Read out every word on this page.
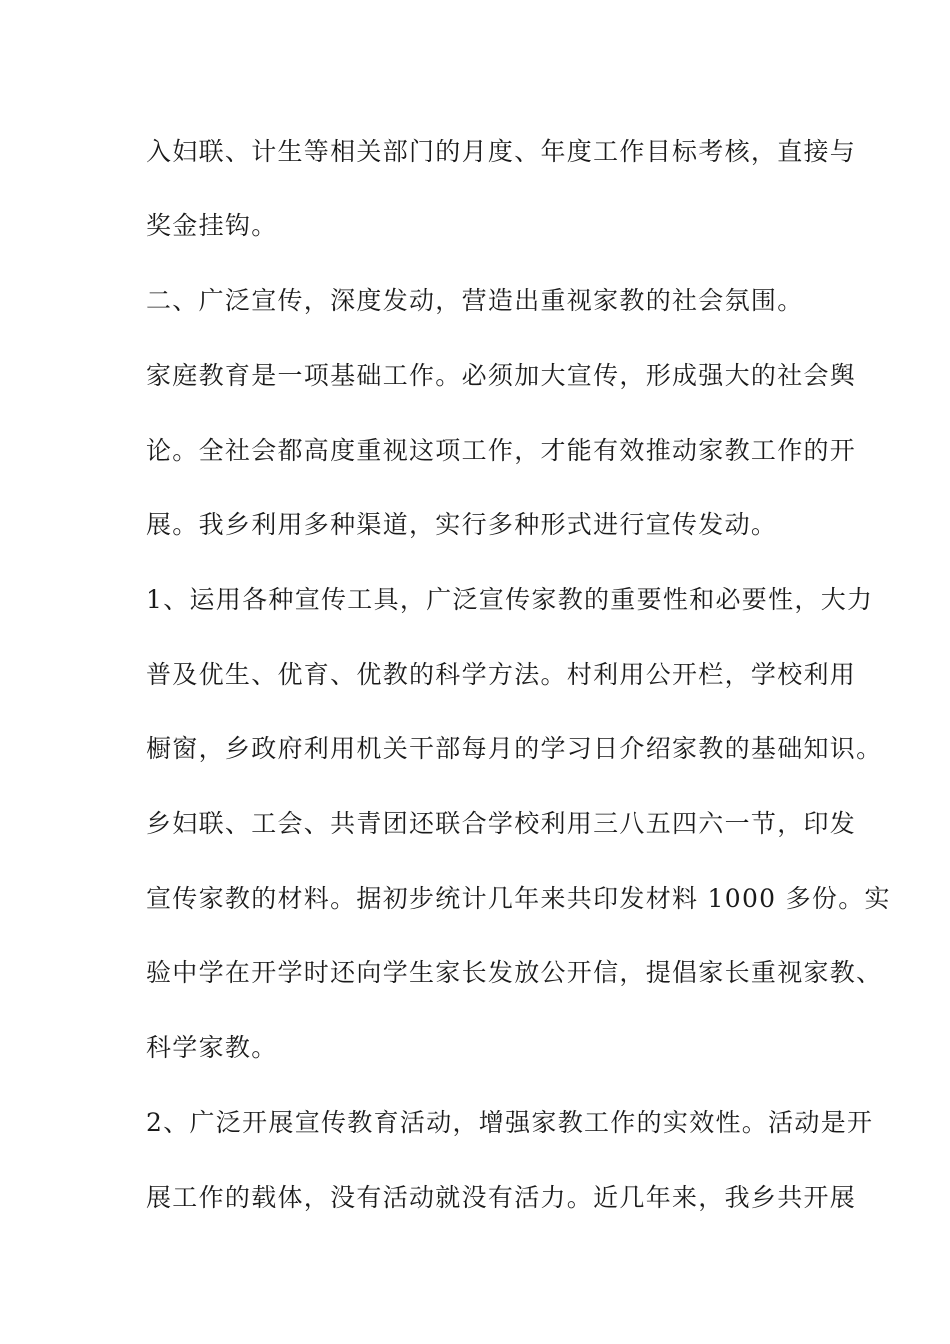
入妇联、计生等相关部门的月度、年度工作目标考核，直接与
奖金挂钩。
二、广泛宣传，深度发动，营造出重视家教的社会氛围。
家庭教育是一项基础工作。必须加大宣传，形成强大的社会舆
论。全社会都高度重视这项工作，才能有效推动家教工作的开
展。我乡利用多种渠道，实行多种形式进行宣传发动。
1、运用各种宣传工具，广泛宣传家教的重要性和必要性，大力
普及优生、优育、优教的科学方法。村利用公开栏，学校利用
橱窗，乡政府利用机关干部每月的学习日介绍家教的基础知识。
乡妇联、工会、共青团还联合学校利用三八五四六一节，印发
宣传家教的材料。据初步统计几年来共印发材料 1000 多份。实
验中学在开学时还向学生家长发放公开信，提倡家长重视家教、
科学家教。
2、广泛开展宣传教育活动，增强家教工作的实效性。活动是开
展工作的载体，没有活动就没有活力。近几年来，我乡共开展
